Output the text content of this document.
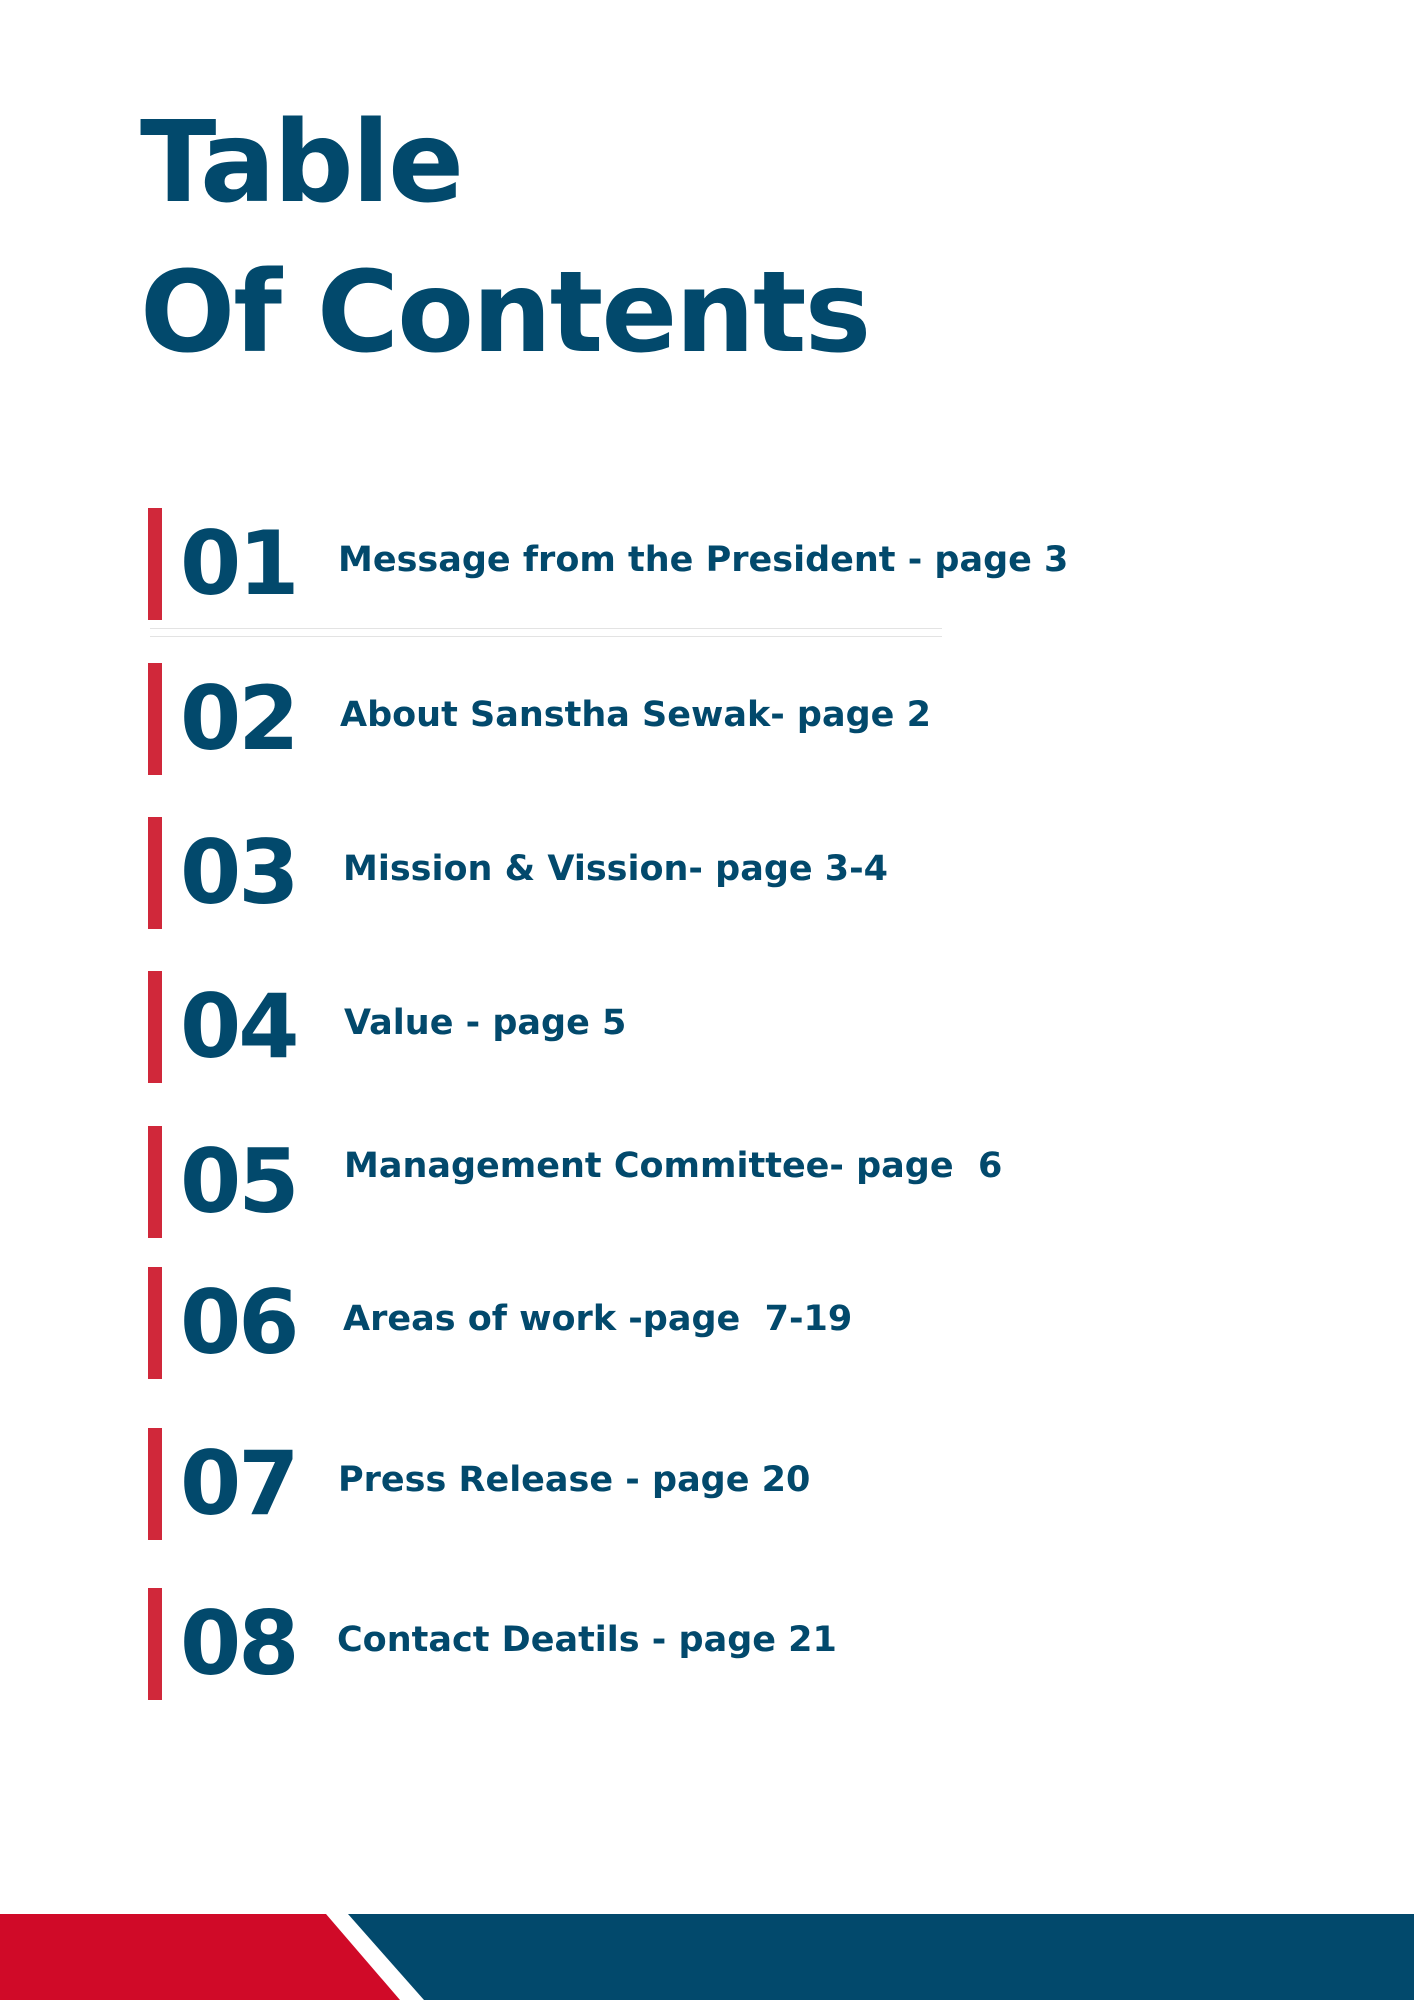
Table
Of Contents
01 Message from the President - page 3
02 About Sanstha Sewak- page 2
03 Mission & Vission- page 3-4
04 Value - page 5
05 Management Committee- page  6
06 Areas of work -page  7-19
07 Press Release - page 20
08 Contact Deatils - page 21
